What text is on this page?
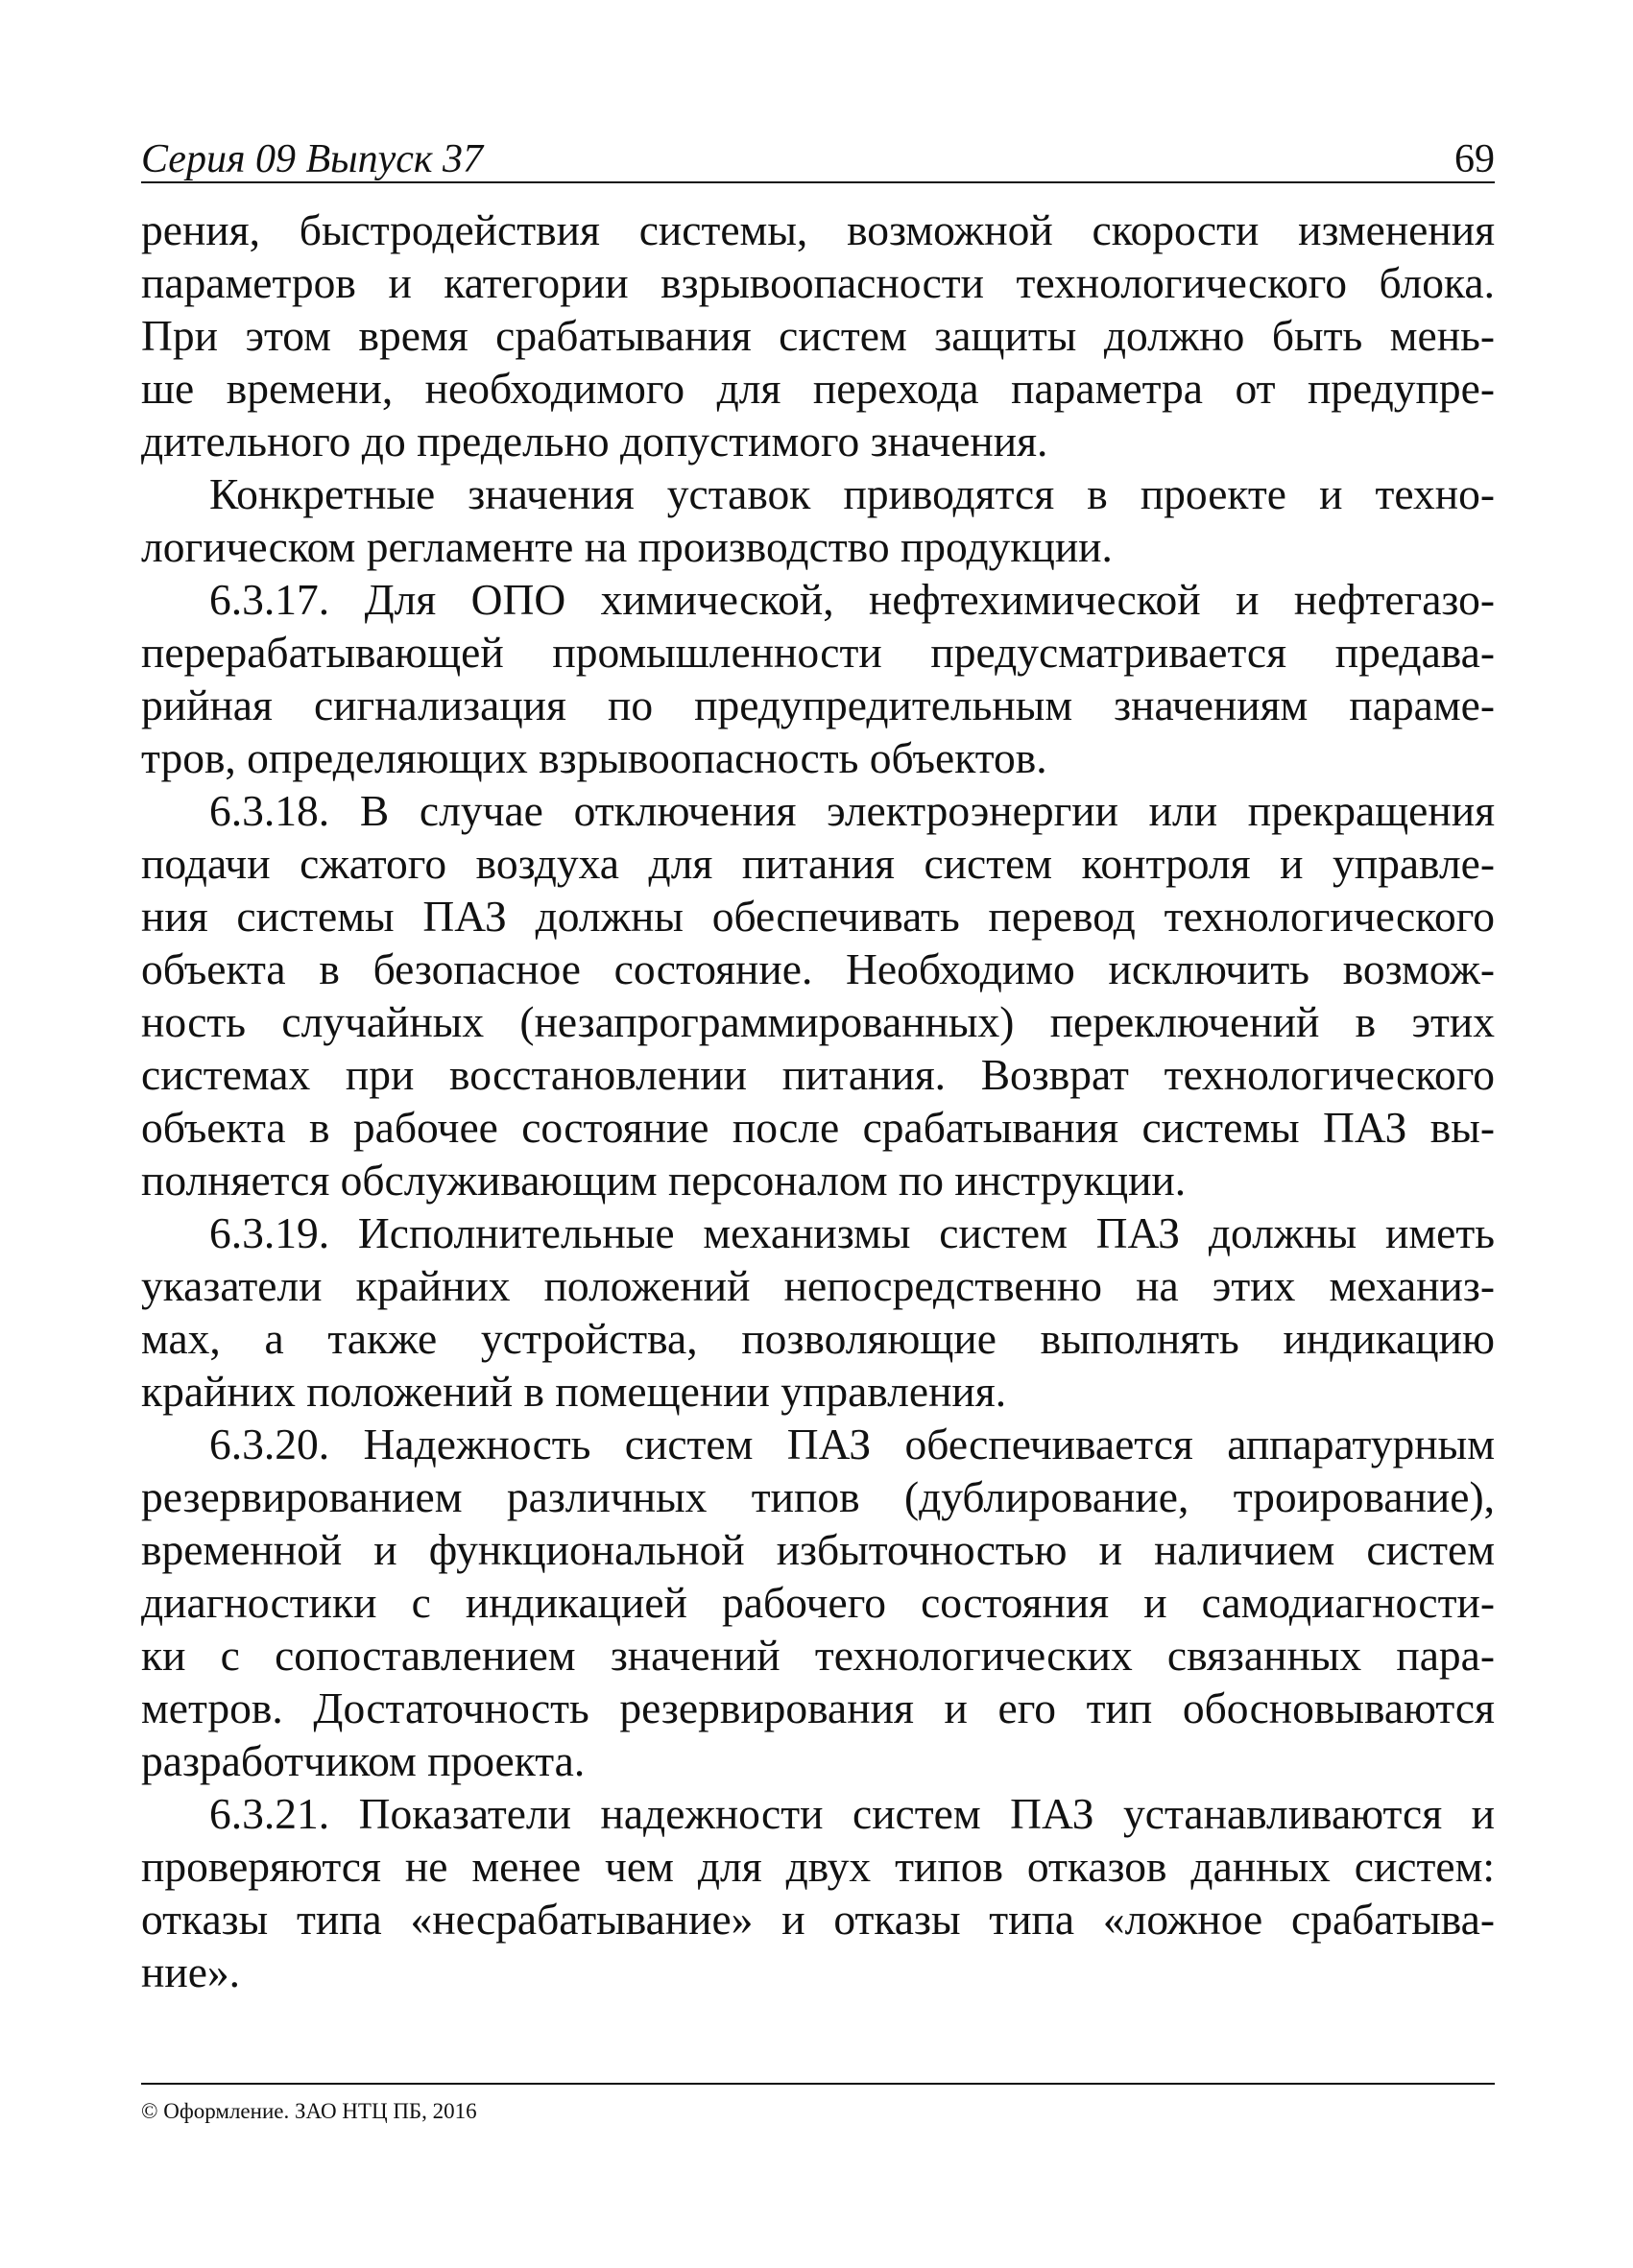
Серия 09 Выпуск 37	69
рения, быстродействия системы, возможной скорости изменения
параметров и категории взрывоопасности технологического блока.
При этом время срабатывания систем защиты должно быть мень-
ше времени, необходимого для перехода параметра от предупре-
дительного до предельно допустимого значения.
Конкретные значения уставок приводятся в проекте и техно-
логическом регламенте на производство продукции.
6.3.17. Для ОПО химической, нефтехимической и нефтегазо-
перерабатывающей промышленности предусматривается предава-
рийная сигнализация по предупредительным значениям параме-
тров, определяющих взрывоопасность объектов.
6.3.18. В случае отключения электроэнергии или прекращения
подачи сжатого воздуха для питания систем контроля и управле-
ния системы ПАЗ должны обеспечивать перевод технологического
объекта в безопасное состояние. Необходимо исключить возмож-
ность случайных (незапрограммированных) переключений в этих
системах при восстановлении питания. Возврат технологического
объекта в рабочее состояние после срабатывания системы ПАЗ вы-
полняется обслуживающим персоналом по инструкции.
6.3.19. Исполнительные механизмы систем ПАЗ должны иметь
указатели крайних положений непосредственно на этих механиз-
мах, а также устройства, позволяющие выполнять индикацию
крайних положений в помещении управления.
6.3.20. Надежность систем ПАЗ обеспечивается аппаратурным
резервированием различных типов (дублирование, троирование),
временной и функциональной избыточностью и наличием систем
диагностики с индикацией рабочего состояния и самодиагности-
ки с сопоставлением значений технологических связанных пара-
метров. Достаточность резервирования и его тип обосновываются
разработчиком проекта.
6.3.21. Показатели надежности систем ПАЗ устанавливаются и
проверяются не менее чем для двух типов отказов данных систем:
отказы типа «несрабатывание» и отказы типа «ложное срабатыва-
ние».
© Оформление. ЗАО НТЦ ПБ, 2016
